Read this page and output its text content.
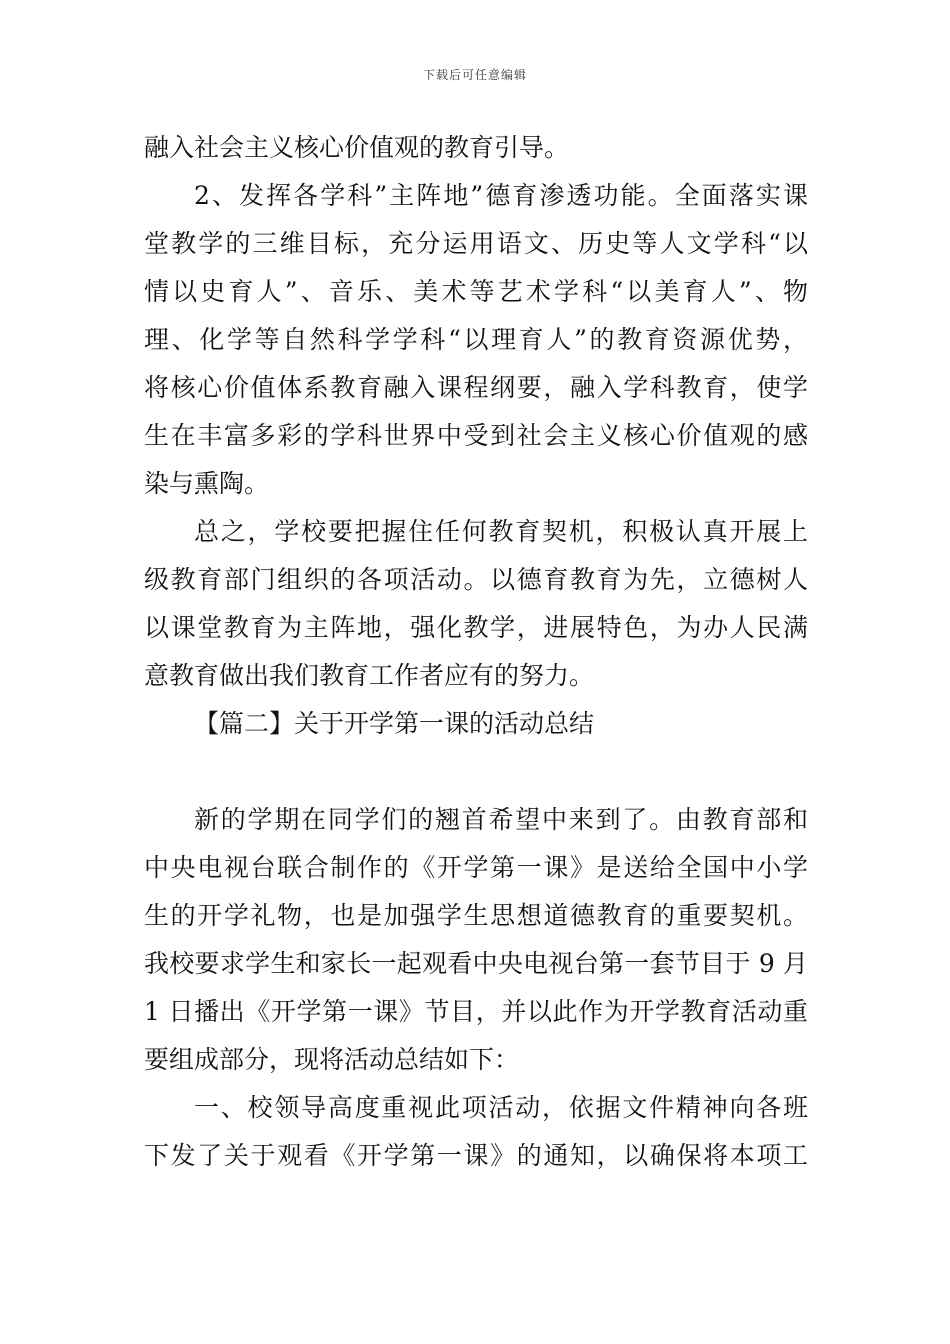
下载后可任意编辑
融入社会主义核心价值观的教育引导。
2、发挥各学科”主阵地”德育渗透功能。全面落实课
堂教学的三维目标，充分运用语文、历史等人文学科“以
情以史育人”、音乐、美术等艺术学科“以美育人”、物
理、化学等自然科学学科“以理育人”的教育资源优势，
将核心价值体系教育融入课程纲要，融入学科教育，使学
生在丰富多彩的学科世界中受到社会主义核心价值观的感
染与熏陶。
总之，学校要把握住任何教育契机，积极认真开展上
级教育部门组织的各项活动。以德育教育为先，立德树人
以课堂教育为主阵地，强化教学，进展特色，为办人民满
意教育做出我们教育工作者应有的努力。
【篇二】关于开学第一课的活动总结
新的学期在同学们的翘首希望中来到了。由教育部和
中央电视台联合制作的《开学第一课》是送给全国中小学
生的开学礼物，也是加强学生思想道德教育的重要契机。
我校要求学生和家长一起观看中央电视台第一套节目于 9 月
1 日播出《开学第一课》节目，并以此作为开学教育活动重
要组成部分，现将活动总结如下：
一、校领导高度重视此项活动，依据文件精神向各班
下发了关于观看《开学第一课》的通知，以确保将本项工
